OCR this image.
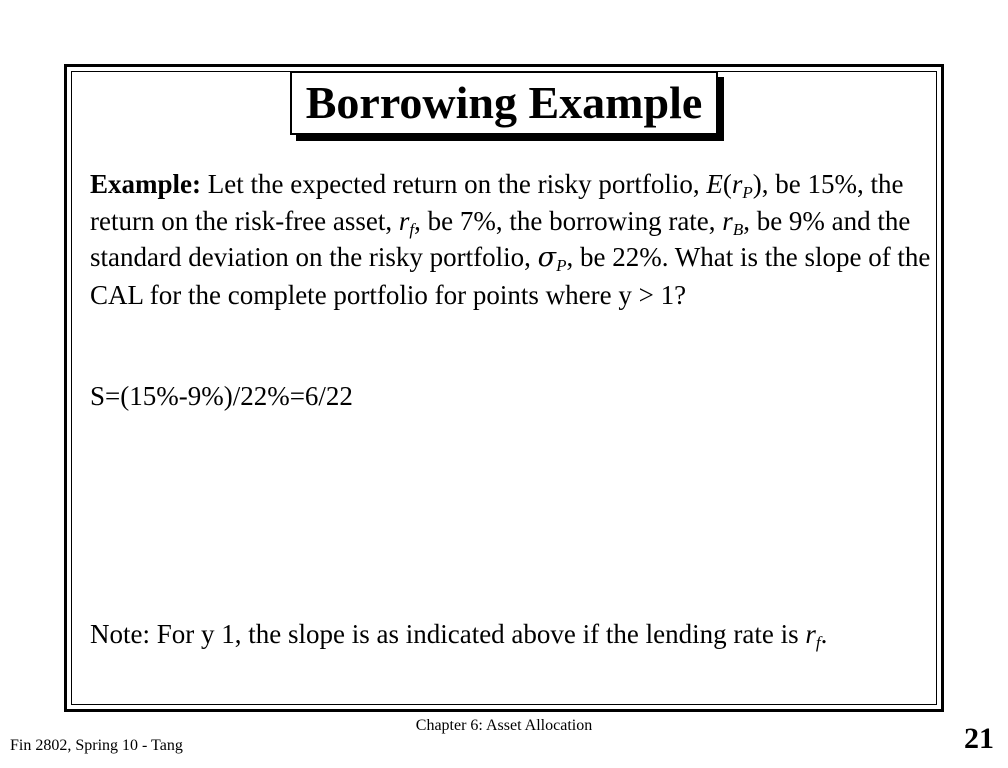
Borrowing Example

Example: Let the expected return on the risky portfolio, $E(r_P)$, be 15%, the return on the risk-free asset, $r_f$, be 7%, the borrowing rate, $r_B$, be 9% and the standard deviation on the risky portfolio, $\sigma_P$, be 22%. What is the slope of the CAL for the complete portfolio for points where y > 1?

S=(15%-9%)/22%=6/22
Note: For y 1, the slope is as indicated above if the lending rate is $r_f$.
Fin 2802, Spring 10 - Tang
Chapter 6: Asset Allocation	21
